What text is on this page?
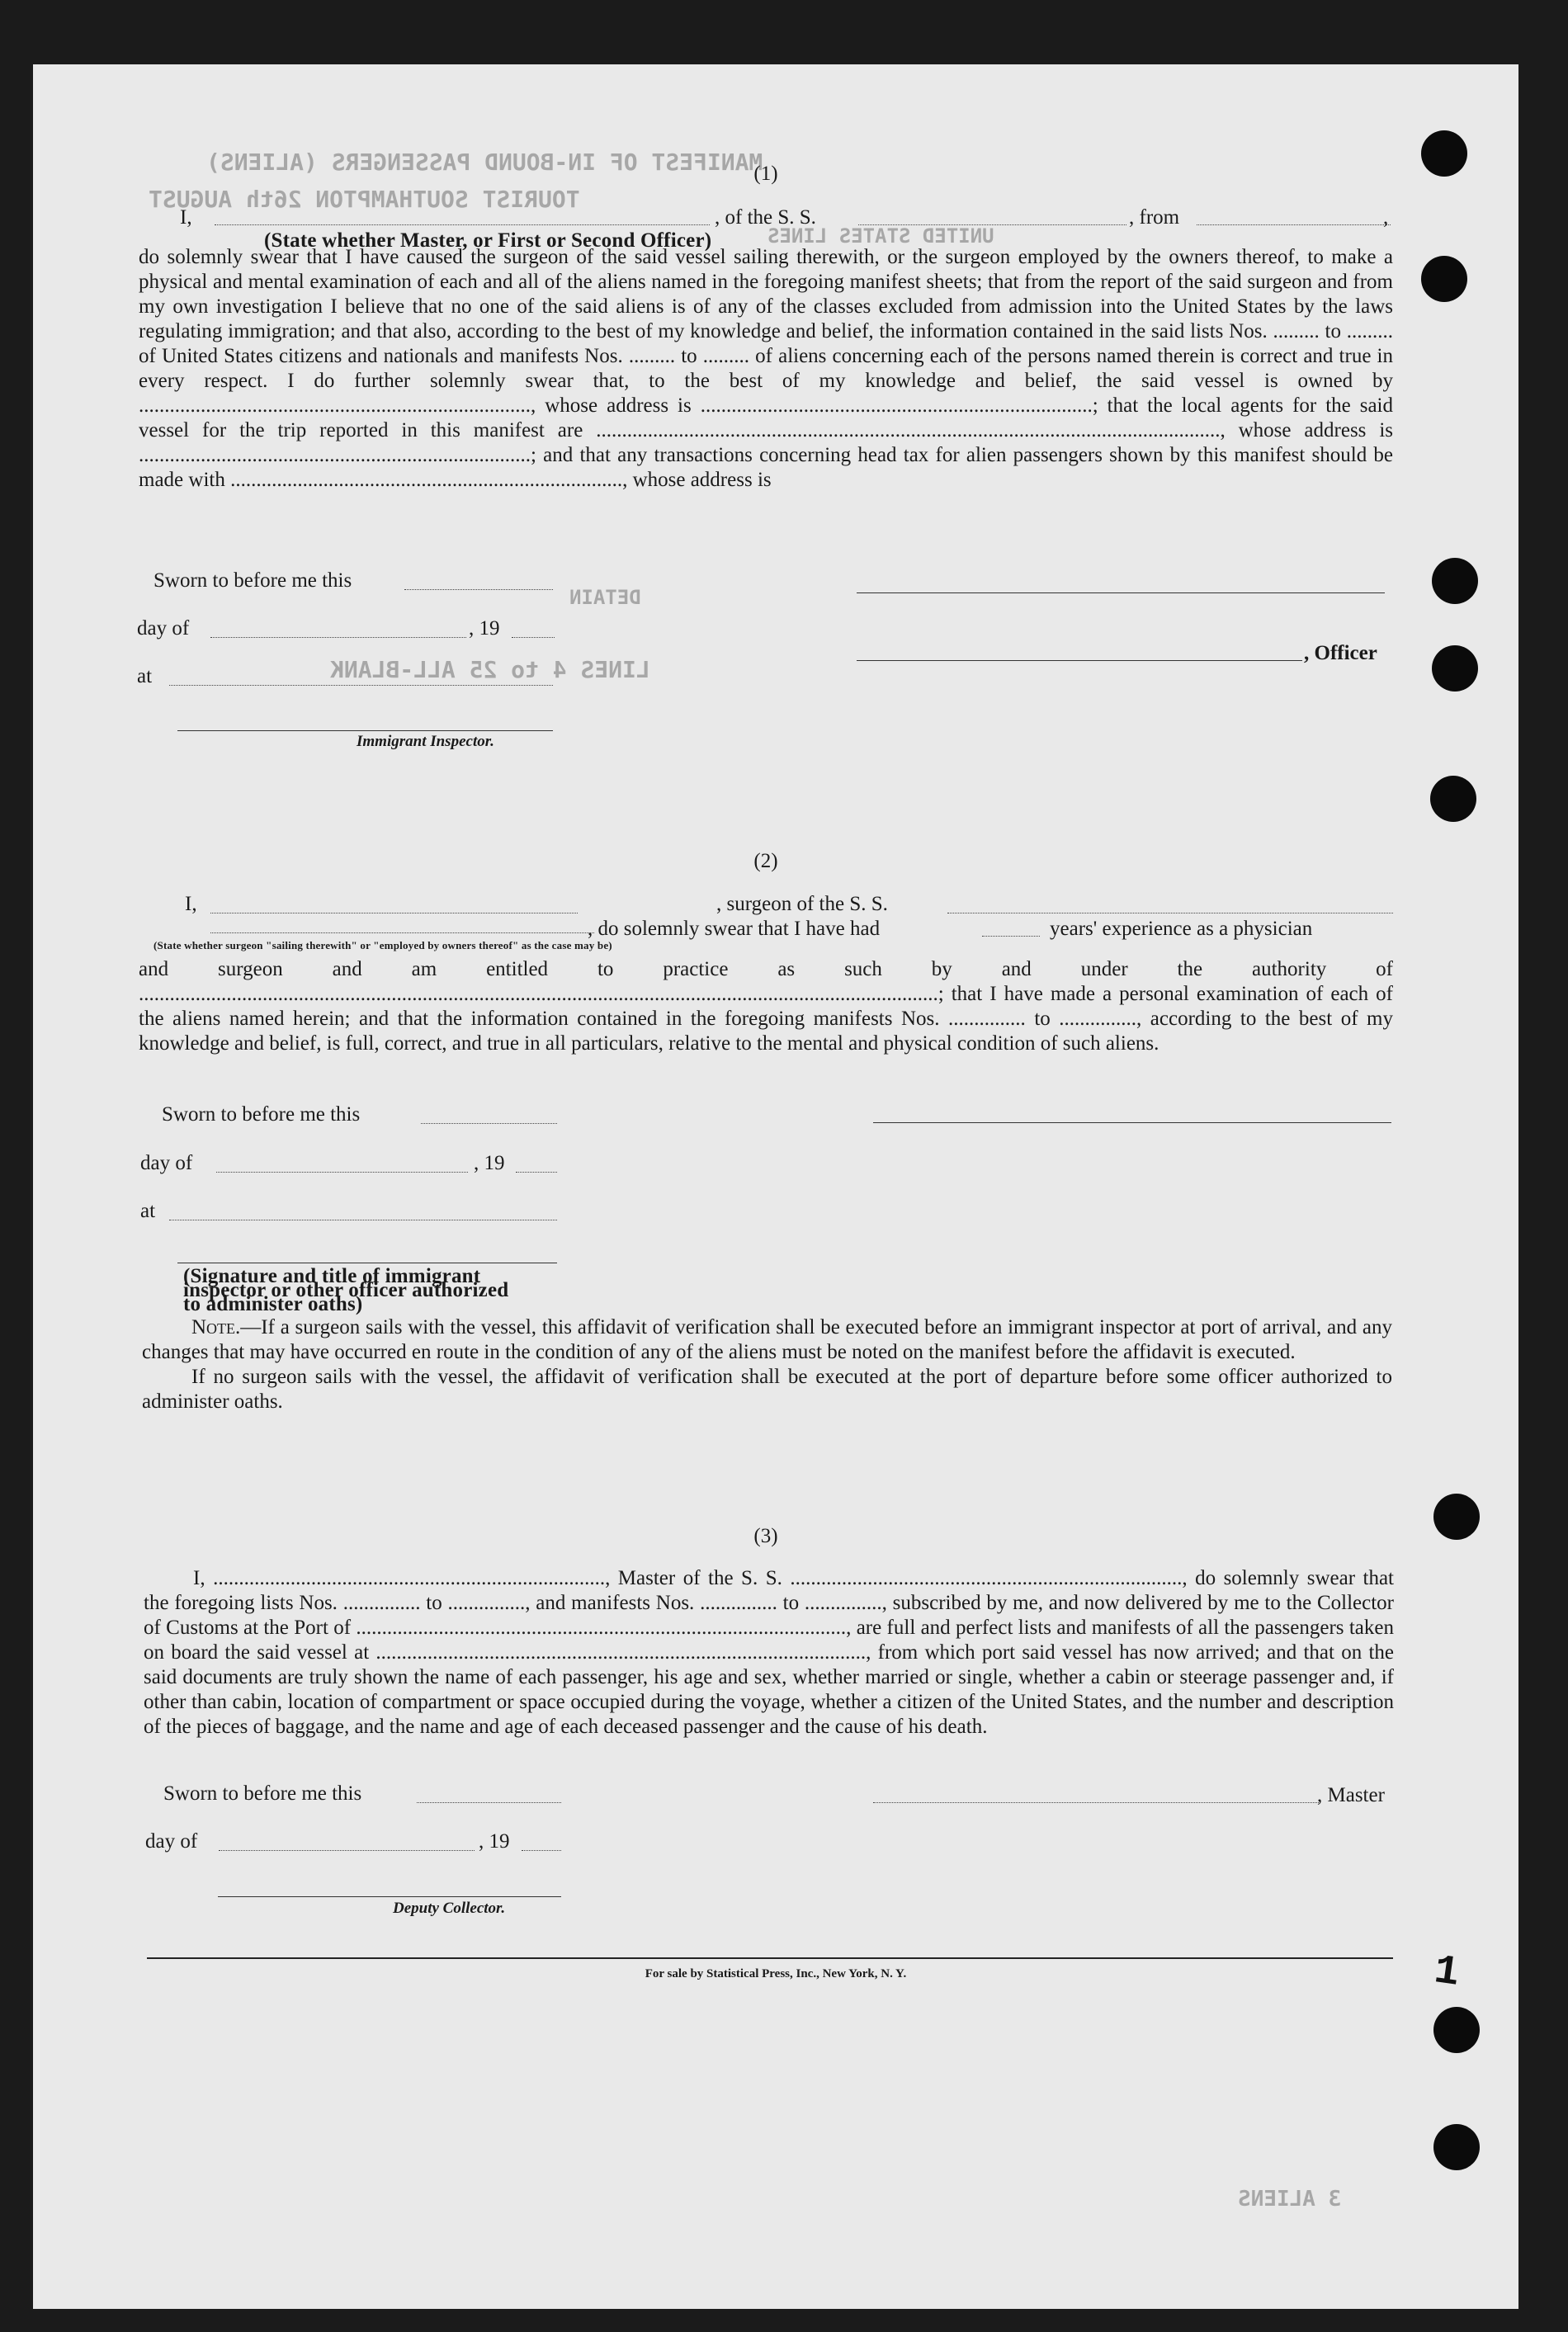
MANIFEST OF IN-BOUND PASSENGERS (ALIENS)
TOURIST SOUTHAMPTON 26th AUGUST
UNITED STATES LINES
LINES 4 to 25 ALL-BLANK
DETAIN
3 ALIENS
(1)
I,	, of the S. S.	, from	,
(State whether Master, or First or Second Officer)

do solemnly swear that I have caused the surgeon of the said vessel sailing therewith, or the surgeon employed by the owners thereof, to make a physical and mental examination of each and all of the aliens named in the foregoing manifest sheets; that from the report of the said surgeon and from my own investigation I believe that no one of the said aliens is of any of the classes excluded from admission into the United States by the laws regulating immigration; and that also, according to the best of my knowledge and belief, the information contained in the said lists Nos. ......... to ......... of United States citizens and nationals and manifests Nos. ......... to ......... of aliens concerning each of the persons named therein is correct and true in every respect. I do further solemnly swear that, to the best of my knowledge and belief, the said vessel is owned by ............................................................................, whose address is ............................................................................; that the local agents for the said vessel for the trip reported in this manifest are ........................................................................................................................., whose address is ............................................................................; and that any transactions concerning head tax for alien passengers shown by this manifest should be made with ............................................................................, whose address is

Sworn to before me this
day of	, 19
at
, Officer
Immigrant Inspector.
(2)
I,	, surgeon of the S. S.
, do solemnly swear that I have had	years' experience as a physician
(State whether surgeon "sailing therewith" or "employed by owners thereof" as the case may be)

and surgeon and am entitled to practice as such by and under the authority of ...........................................................................................................................................................; that I have made a personal examination of each of the aliens named herein; and that the information contained in the foregoing manifests Nos. ............... to ..............., according to the best of my knowledge and belief, is full, correct, and true in all particulars, relative to the mental and physical condition of such aliens.

Sworn to before me this
day of	, 19
at
(Signature and title of immigrant inspector or other officer authorized to administer oaths)

Note.—If a surgeon sails with the vessel, this affidavit of verification shall be executed before an immigrant inspector at port of arrival, and any changes that may have occurred en route in the condition of any of the aliens must be noted on the manifest before the affidavit is executed.

If no surgeon sails with the vessel, the affidavit of verification shall be executed at the port of departure before some officer authorized to administer oaths.

(3)

I, ............................................................................, Master of the S. S. ............................................................................, do solemnly swear that the foregoing lists Nos. ............... to ..............., and manifests Nos. ............... to ..............., subscribed by me, and now delivered by me to the Collector of Customs at the Port of ..............................................................................................., are full and perfect lists and manifests of all the passengers taken on board the said vessel at ..............................................................................................., from which port said vessel has now arrived; and that on the said documents are truly shown the name of each passenger, his age and sex, whether married or single, whether a cabin or steerage passenger and, if other than cabin, location of compartment or space occupied during the voyage, whether a citizen of the United States, and the number and description of the pieces of baggage, and the name and age of each deceased passenger and the cause of his death.

Sworn to before me this	, Master
day of	, 19
Deputy Collector.
For sale by Statistical Press, Inc., New York, N. Y.	1
